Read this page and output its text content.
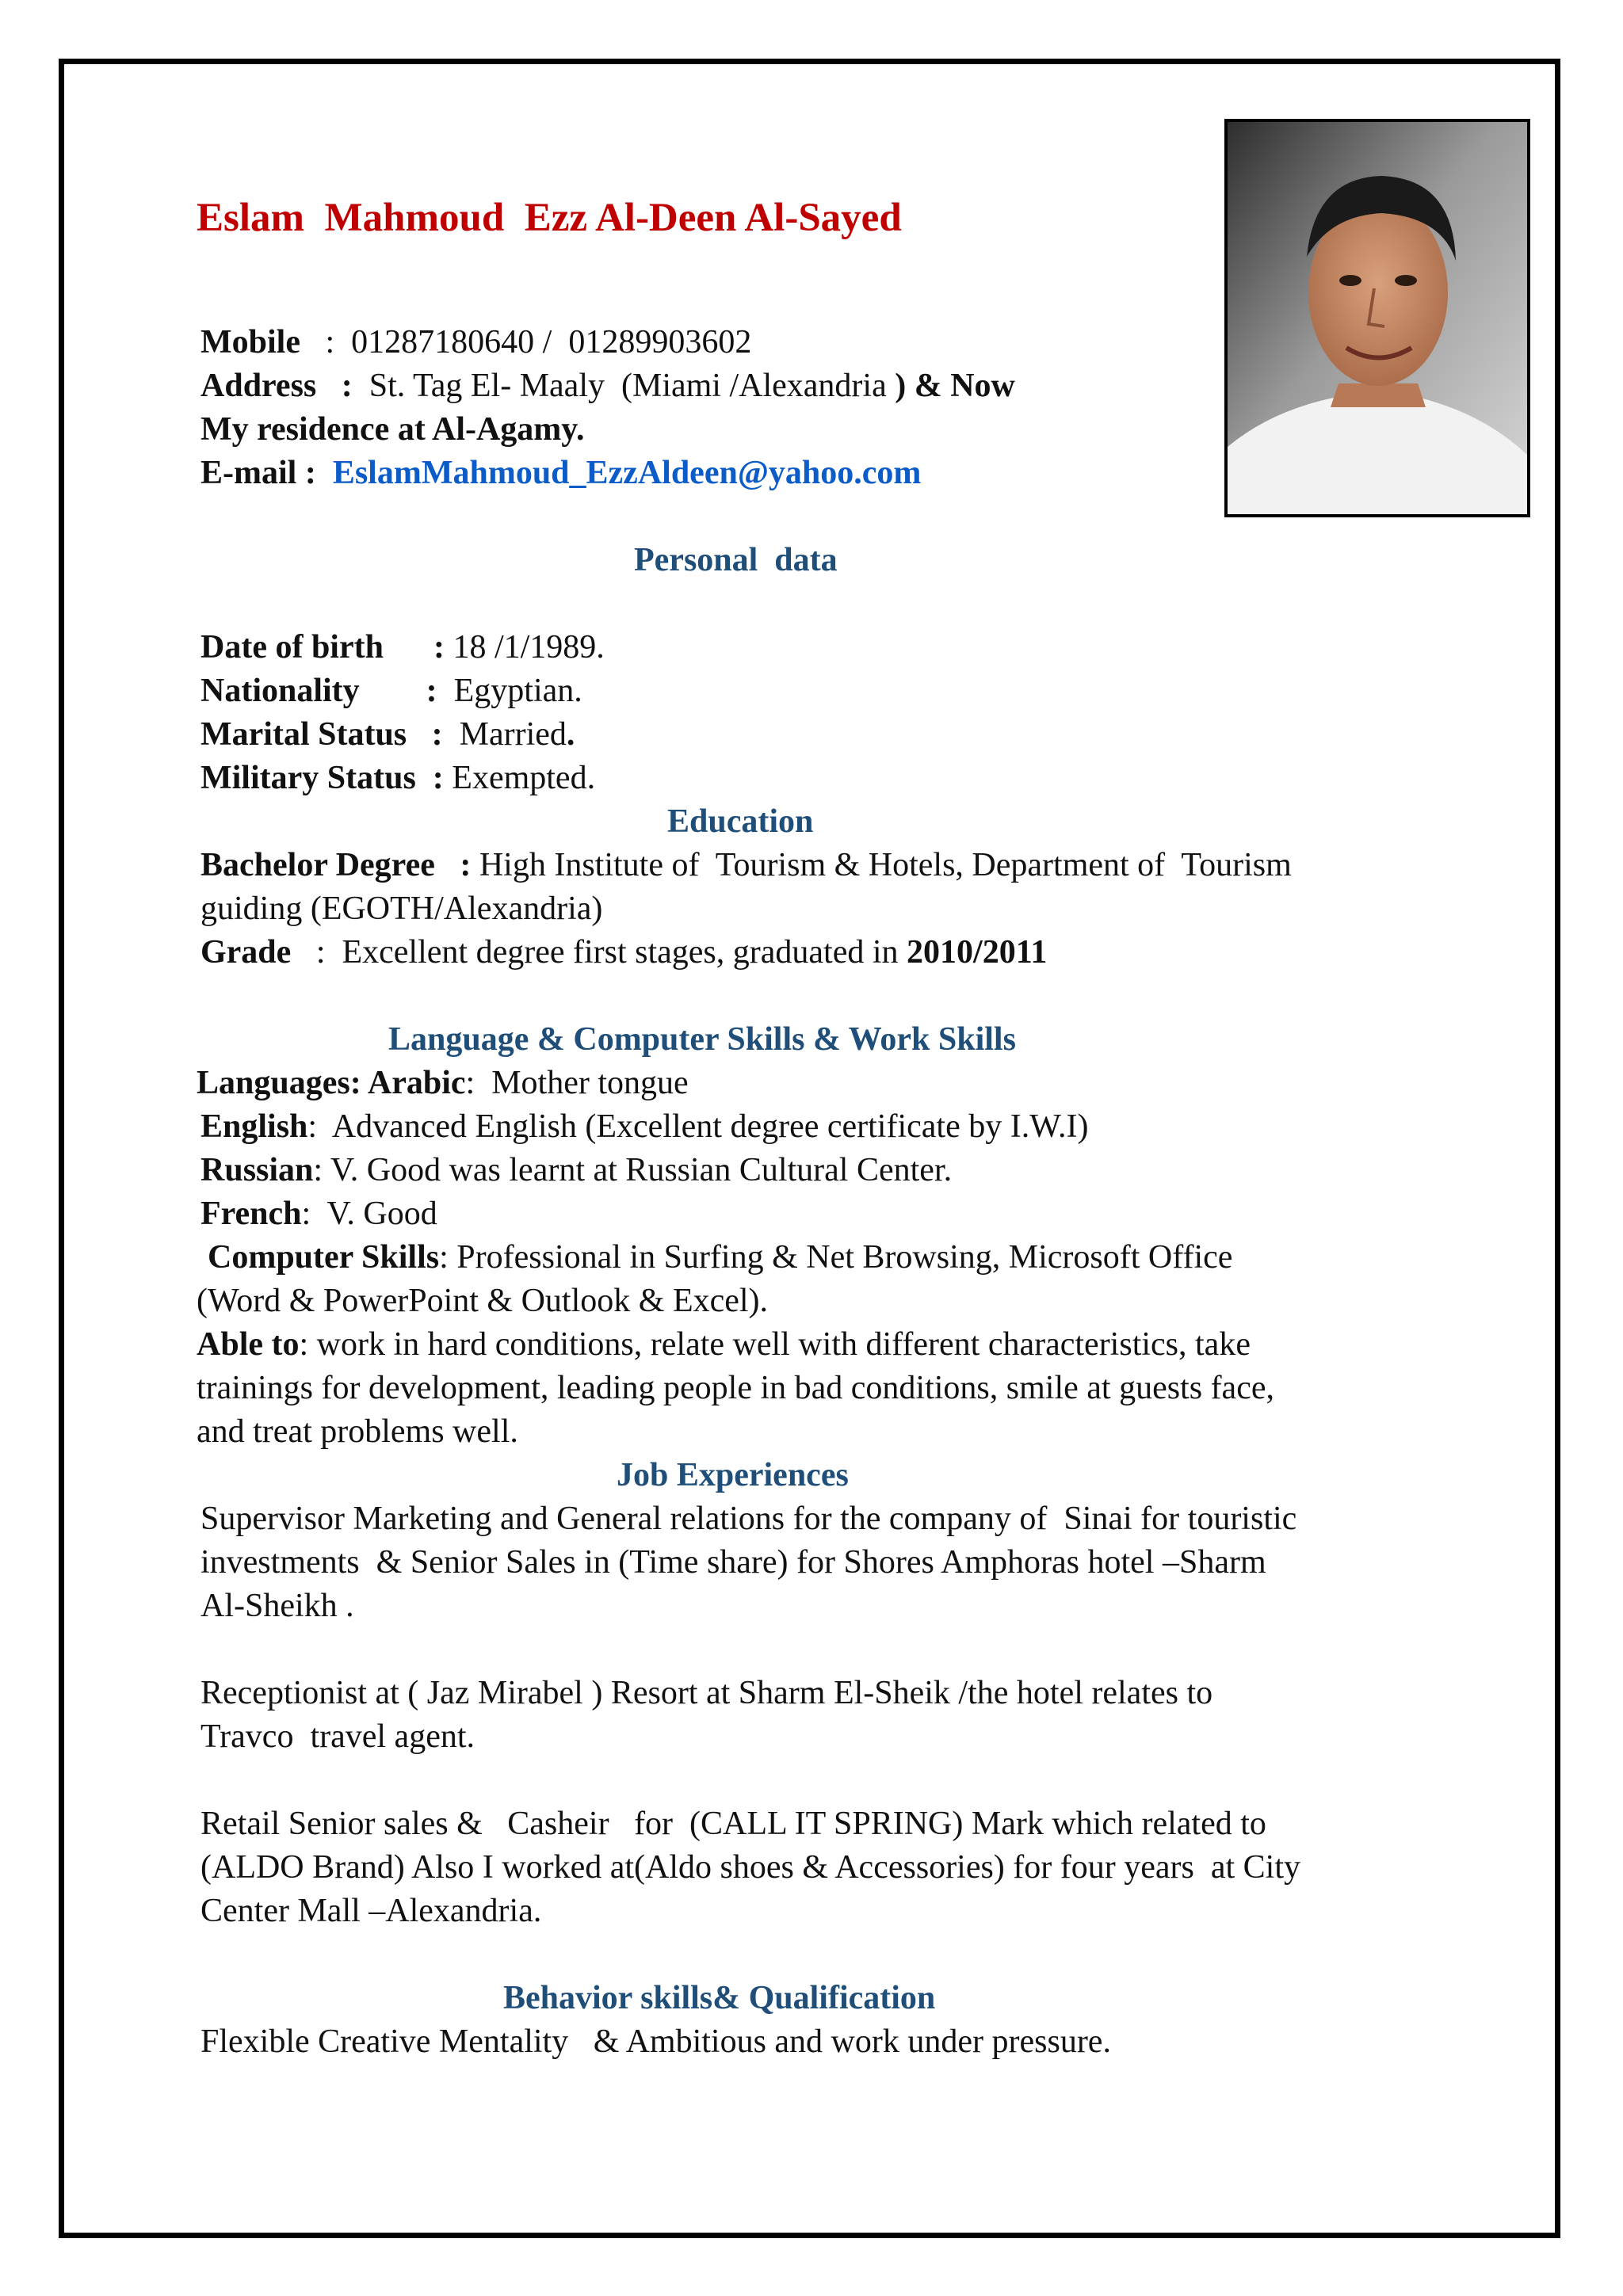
Eslam  Mahmoud  Ezz Al-Deen Al-Sayed
Mobile   :  01287180640 /  01289903602
Address   :  St. Tag El- Maaly  (Miami /Alexandria ) & Now
My residence at Al-Agamy.
E-mail :  EslamMahmoud_EzzAldeen@yahoo.com
Personal  data
Date of birth      : 18 /1/1989.
Nationality        :  Egyptian.
Marital Status   :  Married.
Military Status  : Exempted.
Education
Bachelor Degree   : High Institute of  Tourism & Hotels, Department of  Tourism
guiding (EGOTH/Alexandria)
Grade   :  Excellent degree first stages, graduated in 2010/2011
Language & Computer Skills & Work Skills
Languages: Arabic:  Mother tongue
English:  Advanced English (Excellent degree certificate by I.W.I)
Russian: V. Good was learnt at Russian Cultural Center.
French:  V. Good
Computer Skills: Professional in Surfing & Net Browsing, Microsoft Office
(Word & PowerPoint & Outlook & Excel).
Able to: work in hard conditions, relate well with different characteristics, take
trainings for development, leading people in bad conditions, smile at guests face,
and treat problems well.
Job Experiences
Supervisor Marketing and General relations for the company of  Sinai for touristic
investments  & Senior Sales in (Time share) for Shores Amphoras hotel –Sharm
Al-Sheikh .
Receptionist at ( Jaz Mirabel ) Resort at Sharm El-Sheik /the hotel relates to
Travco  travel agent.
Retail Senior sales &   Casheir   for  (CALL IT SPRING) Mark which related to
(ALDO Brand) Also I worked at(Aldo shoes & Accessories) for four years  at City
Center Mall –Alexandria.
Behavior skills& Qualification
Flexible Creative Mentality   & Ambitious and work under pressure.
